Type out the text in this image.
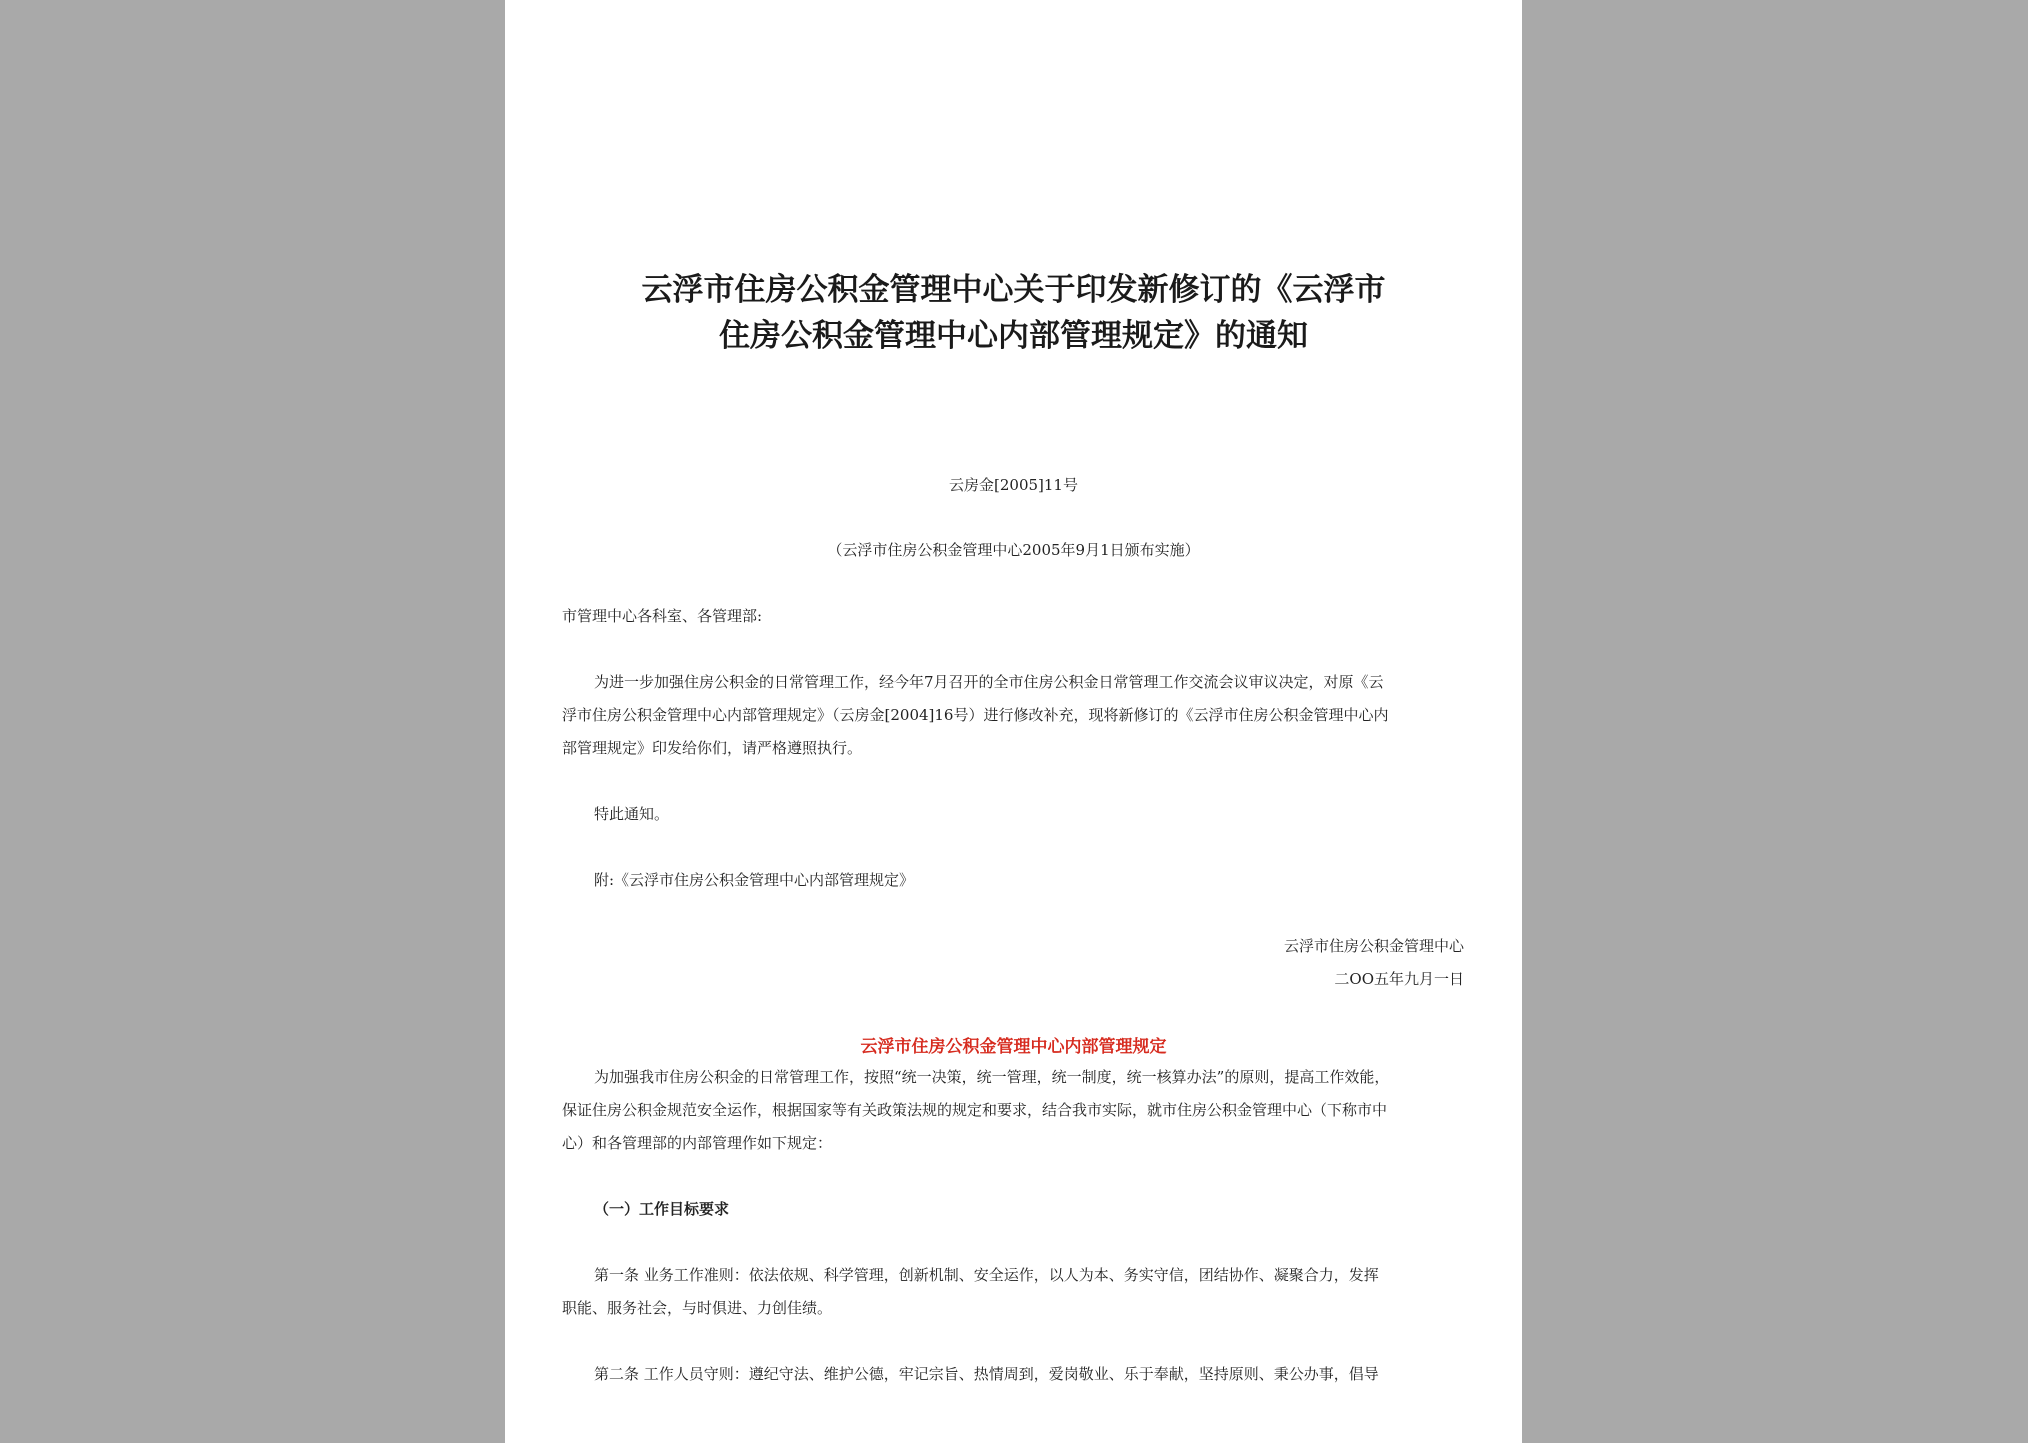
云浮市住房公积金管理中心关于印发新修订的《云浮市
住房公积金管理中心内部管理规定》的通知
云房金[2005]11号
（云浮市住房公积金管理中心2005年9月1日颁布实施）
市管理中心各科室、各管理部:
为进一步加强住房公积金的日常管理工作，经今年7月召开的全市住房公积金日常管理工作交流会议审议决定，对原《云
浮市住房公积金管理中心内部管理规定》（云房金[2004]16号）进行修改补充，现将新修订的《云浮市住房公积金管理中心内
部管理规定》印发给你们，请严格遵照执行。
特此通知。
附:《云浮市住房公积金管理中心内部管理规定》
云浮市住房公积金管理中心
二OO五年九月一日
云浮市住房公积金管理中心内部管理规定
为加强我市住房公积金的日常管理工作，按照“统一决策，统一管理，统一制度，统一核算办法”的原则，提高工作效能，
保证住房公积金规范安全运作，根据国家等有关政策法规的规定和要求，结合我市实际，就市住房公积金管理中心（下称市中
心）和各管理部的内部管理作如下规定：
（一）工作目标要求
第一条 业务工作准则：依法依规、科学管理，创新机制、安全运作，以人为本、务实守信，团结协作、凝聚合力，发挥
职能、服务社会，与时俱进、力创佳绩。
第二条 工作人员守则：遵纪守法、维护公德，牢记宗旨、热情周到，爱岗敬业、乐于奉献，坚持原则、秉公办事，倡导
